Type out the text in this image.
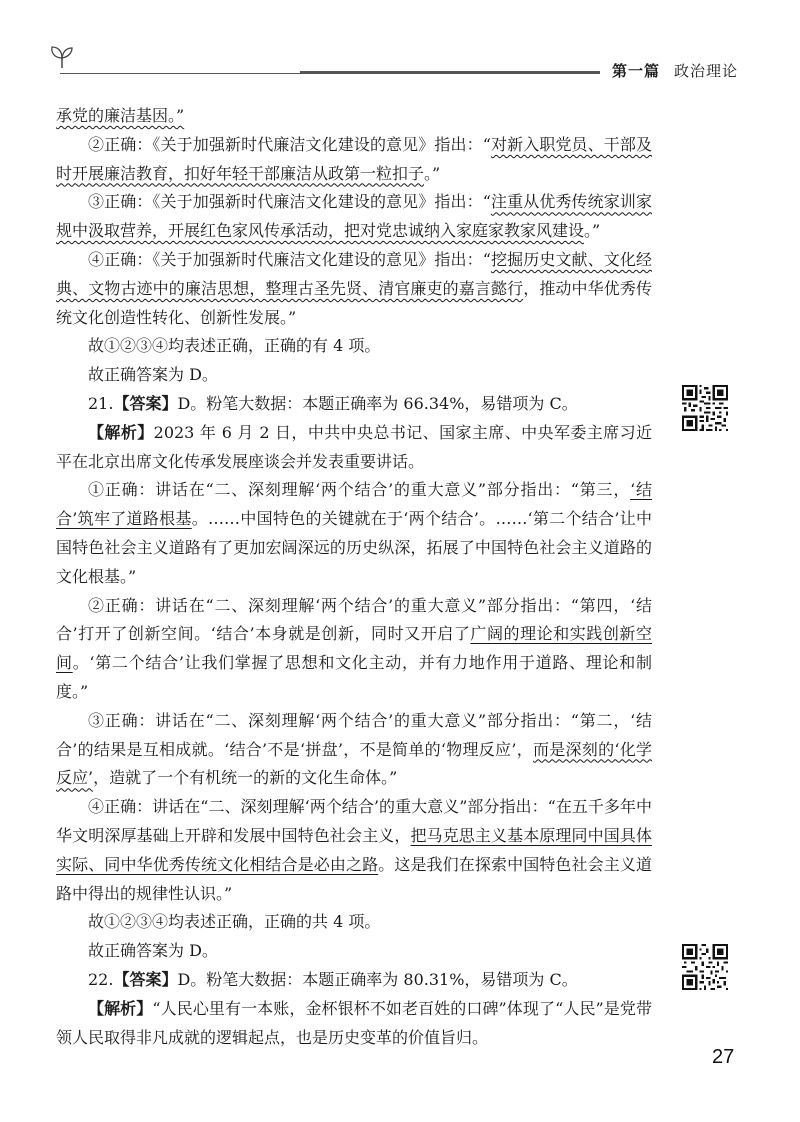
第一篇 政治理论

承党的廉洁基因。”

②正确：《关于加强新时代廉洁文化建设的意见》指出：“对新入职党员、干部及时开展廉洁教育，扣好年轻干部廉洁从政第一粒扣子。”

③正确：《关于加强新时代廉洁文化建设的意见》指出：“注重从优秀传统家训家规中汲取营养，开展红色家风传承活动，把对党忠诚纳入家庭家教家风建设。”

④正确：《关于加强新时代廉洁文化建设的意见》指出：“挖掘历史文献、文化经典、文物古迹中的廉洁思想，整理古圣先贤、清官廉吏的嘉言懿行，推动中华优秀传统文化创造性转化、创新性发展。”

故①②③④均表述正确，正确的有 4 项。

故正确答案为 D。

21.【答案】D。粉笔大数据：本题正确率为 66.34%，易错项为 C。

【解析】2023 年 6 月 2 日，中共中央总书记、国家主席、中央军委主席习近平在北京出席文化传承发展座谈会并发表重要讲话。

①正确：讲话在“二、深刻理解‘两个结合’的重大意义”部分指出：“第三，‘结合’筑牢了道路根基。……中国特色的关键就在于‘两个结合’。……‘第二个结合’让中国特色社会主义道路有了更加宏阔深远的历史纵深，拓展了中国特色社会主义道路的文化根基。”

②正确：讲话在“二、深刻理解‘两个结合’的重大意义”部分指出：“第四，‘结合’打开了创新空间。‘结合’本身就是创新，同时又开启了广阔的理论和实践创新空间。‘第二个结合’让我们掌握了思想和文化主动，并有力地作用于道路、理论和制度。”

③正确：讲话在“二、深刻理解‘两个结合’的重大意义”部分指出：“第二，‘结合’的结果是互相成就。‘结合’不是‘拼盘’，不是简单的‘物理反应’，而是深刻的‘化学反应’，造就了一个有机统一的新的文化生命体。”

④正确：讲话在“二、深刻理解‘两个结合’的重大意义”部分指出：“在五千多年中华文明深厚基础上开辟和发展中国特色社会主义，把马克思主义基本原理同中国具体实际、同中华优秀传统文化相结合是必由之路。这是我们在探索中国特色社会主义道路中得出的规律性认识。”

故①②③④均表述正确，正确的共 4 项。

故正确答案为 D。

22.【答案】D。粉笔大数据：本题正确率为 80.31%，易错项为 C。

【解析】“人民心里有一本账，金杯银杯不如老百姓的口碑”体现了“人民”是党带领人民取得非凡成就的逻辑起点，也是历史变革的价值旨归。

27
